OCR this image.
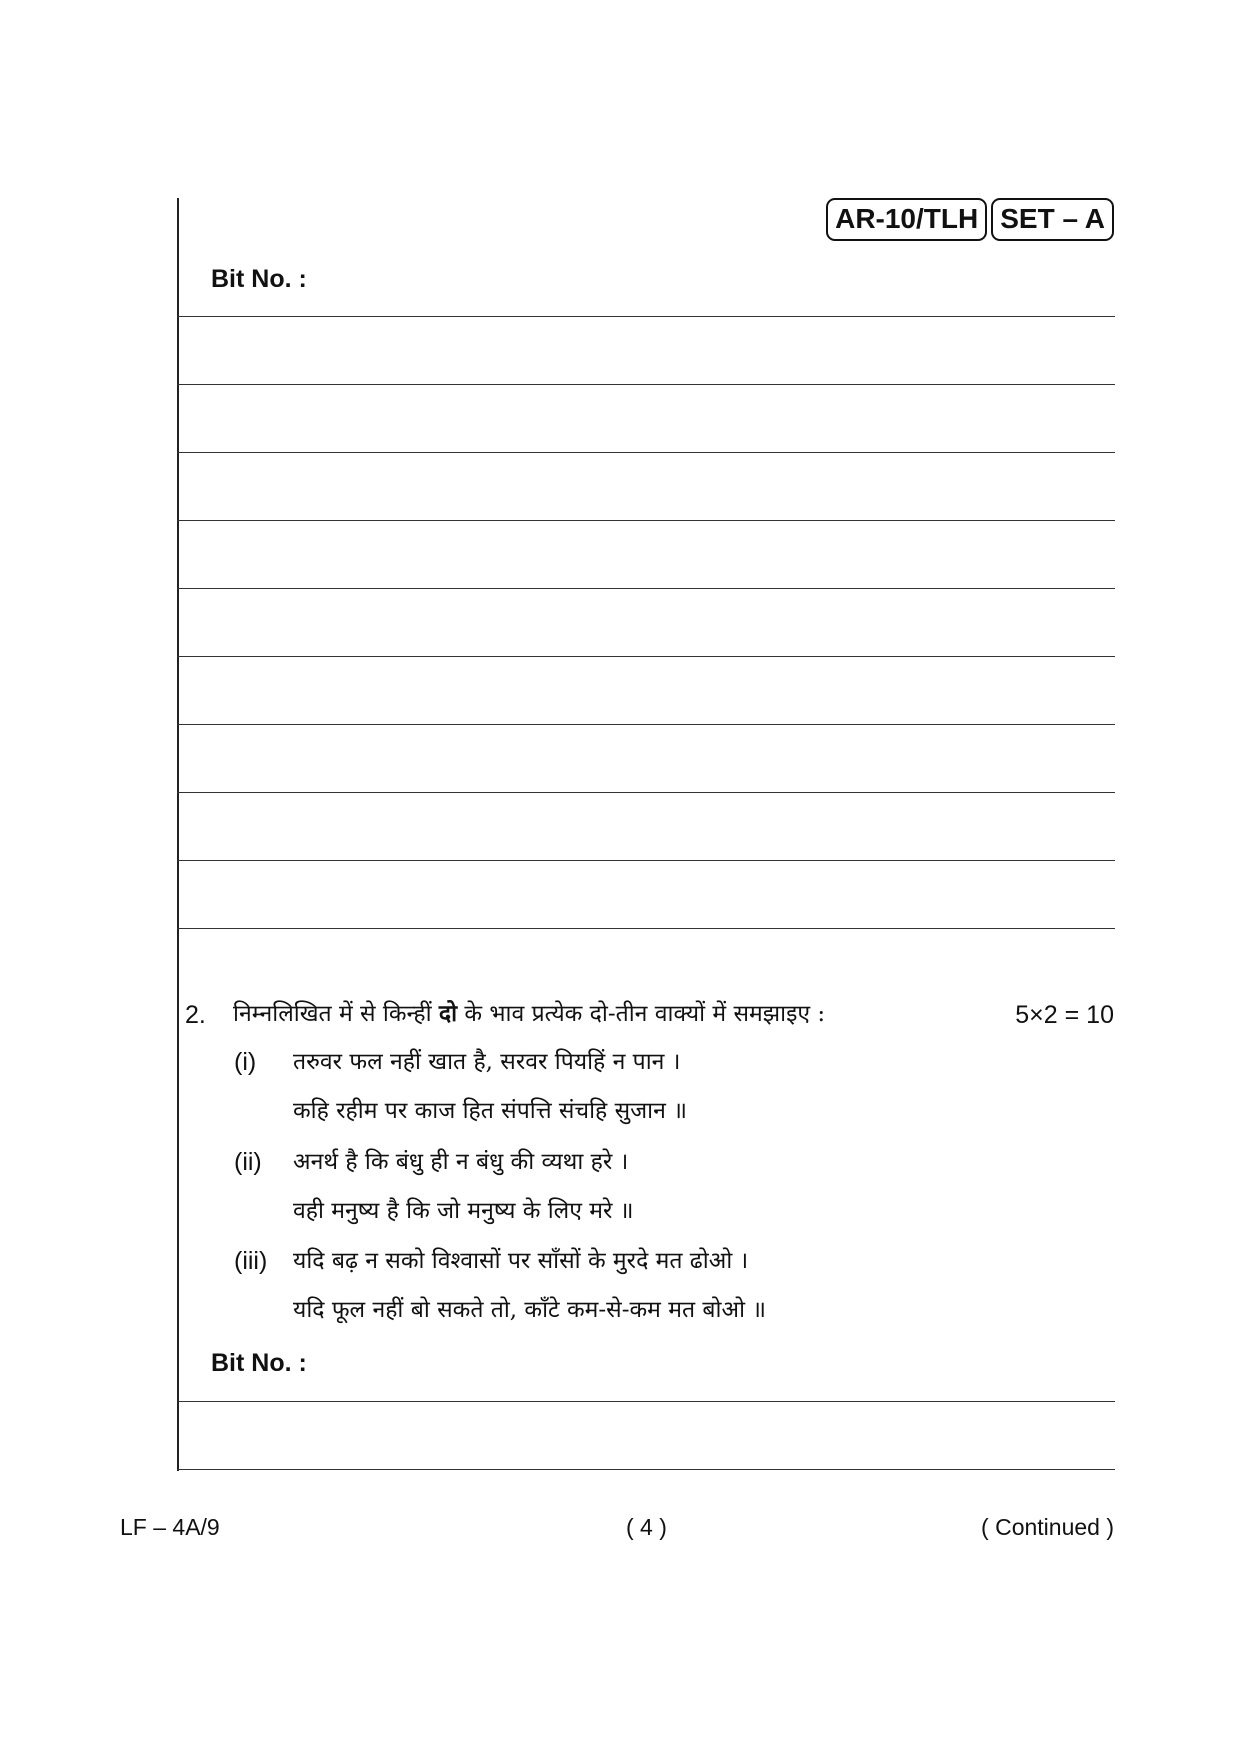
AR-10/TLH SET – A
Bit No. :
2. निम्नलिखित में से किन्हीं दो के भाव प्रत्येक दो-तीन वाक्यों में समझाइए :	5×2 = 10
(i) तरुवर फल नहीं खात है, सरवर पियहिं न पान ।
कहि रहीम पर काज हित संपत्ति संचहि सुजान ॥
(ii) अनर्थ है कि बंधु ही न बंधु की व्यथा हरे ।
वही मनुष्य है कि जो मनुष्य के लिए मरे ॥
(iii) यदि बढ़ न सको विश्वासों पर साँसों के मुरदे मत ढोओ ।
यदि फूल नहीं बो सकते तो, काँटे कम-से-कम मत बोओ ॥
Bit No. :
LF – 4A/9	( 4 )	( Continued )
